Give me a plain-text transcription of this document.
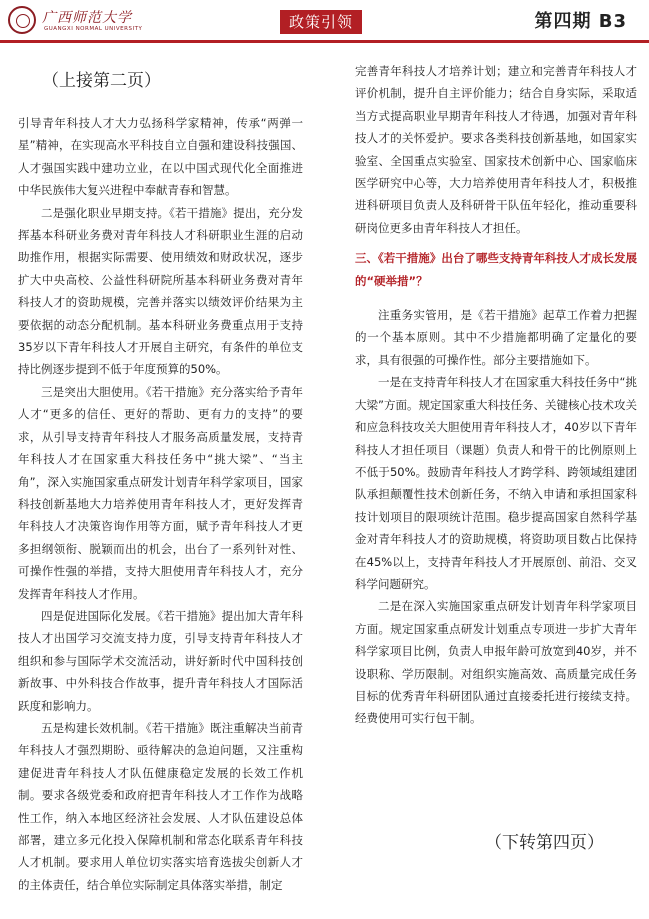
广西师范大学
GUANGXI NORMAL UNIVERSITY	政策引领	第四期 B3
（上接第二页）

引导青年科技人才大力弘扬科学家精神，传承“两弹一星”精神，在实现高水平科技自立自强和建设科技强国、人才强国实践中建功立业，在以中国式现代化全面推进中华民族伟大复兴进程中奉献青春和智慧。

二是强化职业早期支持。《若干措施》提出，充分发挥基本科研业务费对青年科技人才科研职业生涯的启动助推作用，根据实际需要、使用绩效和财政状况，逐步扩大中央高校、公益性科研院所基本科研业务费对青年科技人才的资助规模，完善并落实以绩效评价结果为主要依据的动态分配机制。基本科研业务费重点用于支持35岁以下青年科技人才开展自主研究，有条件的单位支持比例逐步提到不低于年度预算的50%。

三是突出大胆使用。《若干措施》充分落实给予青年人才“更多的信任、更好的帮助、更有力的支持”的要求，从引导支持青年科技人才服务高质量发展，支持青年科技人才在国家重大科技任务中“挑大梁”、“当主角”，深入实施国家重点研发计划青年科学家项目，国家科技创新基地大力培养使用青年科技人才，更好发挥青年科技人才决策咨询作用等方面，赋予青年科技人才更多担纲领衔、脱颖而出的机会，出台了一系列针对性、可操作性强的举措，支持大胆使用青年科技人才，充分发挥青年科技人才作用。

四是促进国际化发展。《若干措施》提出加大青年科技人才出国学习交流支持力度，引导支持青年科技人才组织和参与国际学术交流活动，讲好新时代中国科技创新故事、中外科技合作故事，提升青年科技人才国际活跃度和影响力。

五是构建长效机制。《若干措施》既注重解决当前青年科技人才强烈期盼、亟待解决的急迫问题，又注重构建促进青年科技人才队伍健康稳定发展的长效工作机制。要求各级党委和政府把青年科技人才工作作为战略性工作，纳入本地区经济社会发展、人才队伍建设总体部署，建立多元化投入保障机制和常态化联系青年科技人才机制。要求用人单位切实落实培育选拔尖创新人才的主体责任，结合单位实际制定具体落实举措，制定

完善青年科技人才培养计划；建立和完善青年科技人才评价机制，提升自主评价能力；结合自身实际，采取适当方式提高职业早期青年科技人才待遇，加强对青年科技人才的关怀爱护。要求各类科技创新基地，如国家实验室、全国重点实验室、国家技术创新中心、国家临床医学研究中心等，大力培养使用青年科技人才，积极推进科研项目负责人及科研骨干队伍年轻化，推动重要科研岗位更多由青年科技人才担任。

三、《若干措施》出台了哪些支持青年科技人才成长发展的“硬举措”？

注重务实管用，是《若干措施》起草工作着力把握的一个基本原则。其中不少措施都明确了定量化的要求，具有很强的可操作性。部分主要措施如下。

一是在支持青年科技人才在国家重大科技任务中“挑大梁”方面。规定国家重大科技任务、关键核心技术攻关和应急科技攻关大胆使用青年科技人才，40岁以下青年科技人才担任项目（课题）负责人和骨干的比例原则上不低于50%。鼓励青年科技人才跨学科、跨领域组建团队承担颠覆性技术创新任务，不纳入申请和承担国家科技计划项目的限项统计范围。稳步提高国家自然科学基金对青年科技人才的资助规模，将资助项目数占比保持在45%以上，支持青年科技人才开展原创、前沿、交叉科学问题研究。

二是在深入实施国家重点研发计划青年科学家项目方面。规定国家重点研发计划重点专项进一步扩大青年科学家项目比例，负责人申报年龄可放宽到40岁，并不设职称、学历限制。对组织实施高效、高质量完成任务目标的优秀青年科研团队通过直接委托进行接续支持。经费使用可实行包干制。

（下转第四页）
